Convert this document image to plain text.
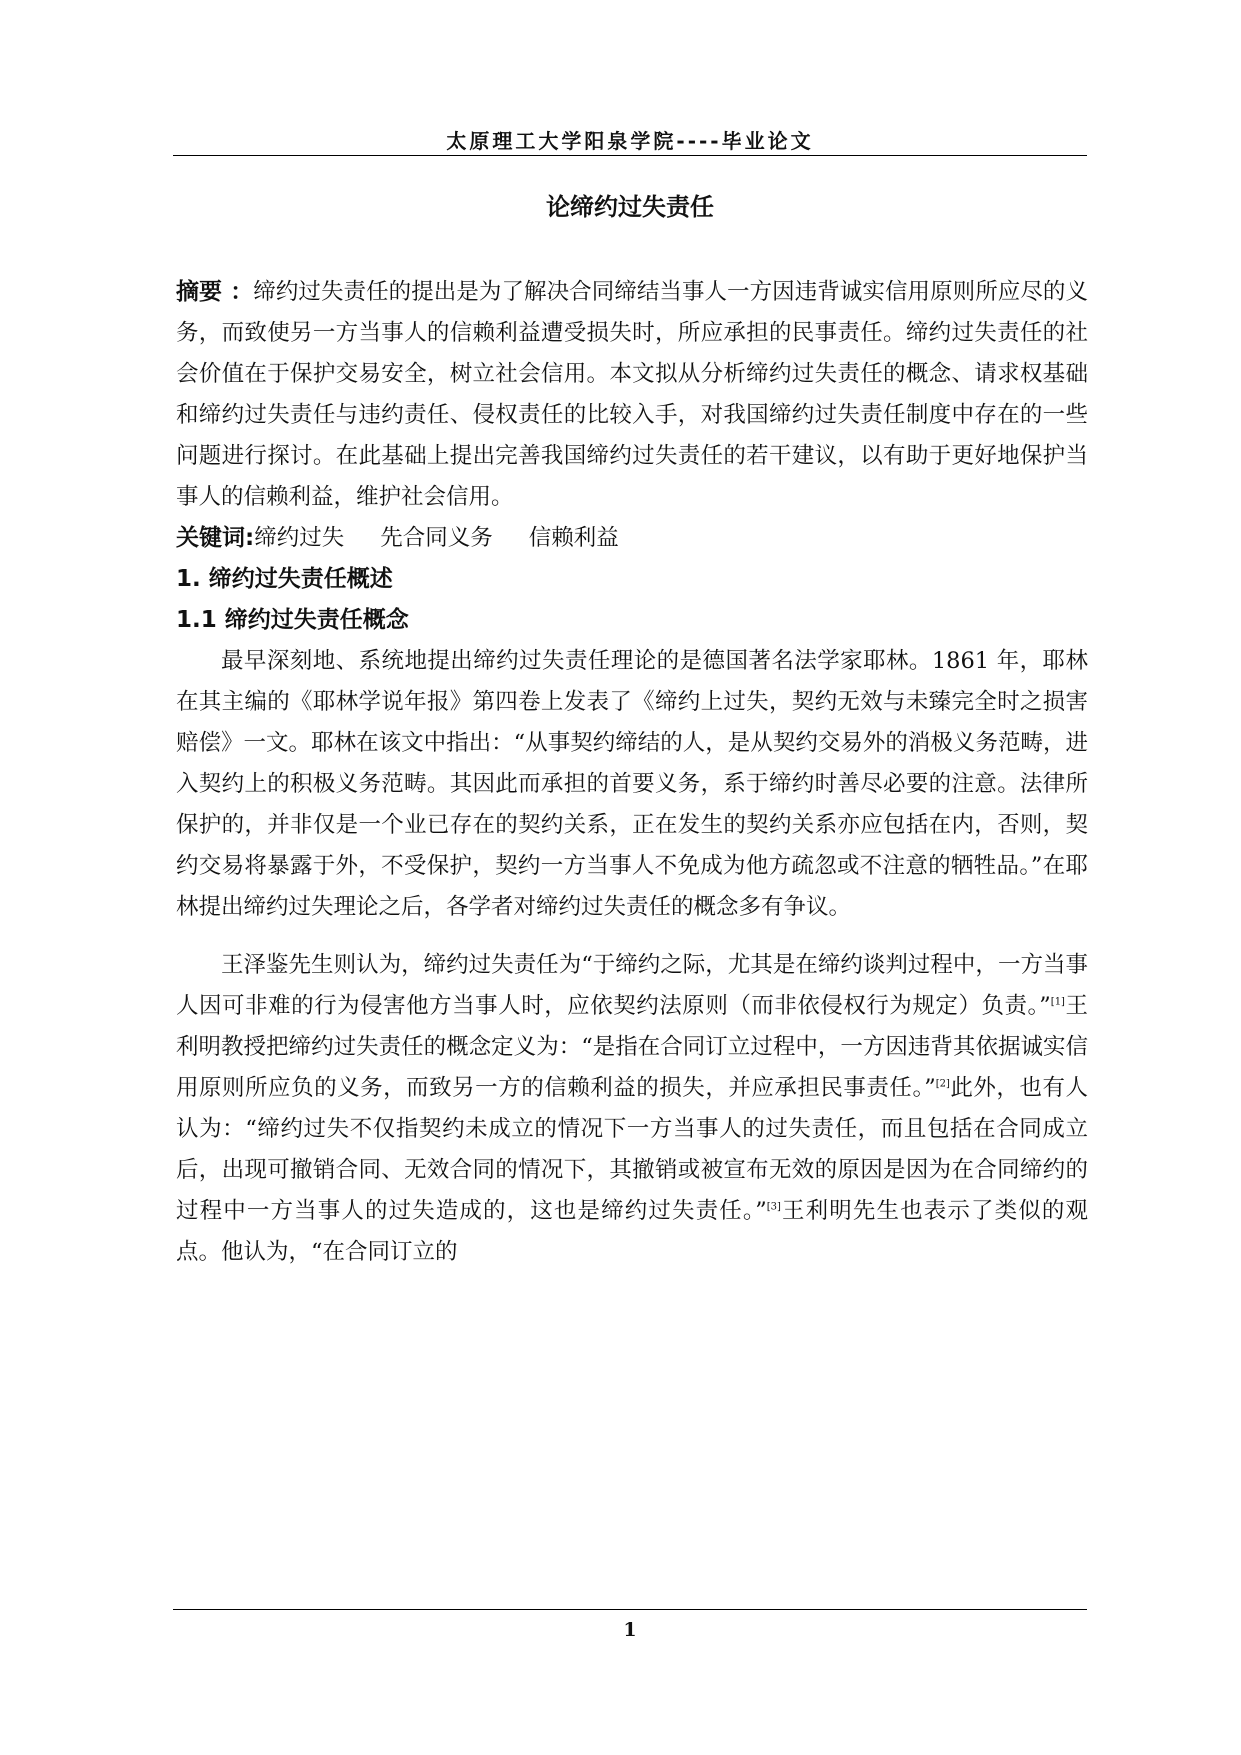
太原理工大学阳泉学院----毕业论文
论缔约过失责任

摘要 ：缔约过失责任的提出是为了解决合同缔结当事人一方因违背诚实信用原则所应尽的义务，而致使另一方当事人的信赖利益遭受损失时，所应承担的民事责任。缔约过失责任的社会价值在于保护交易安全，树立社会信用。本文拟从分析缔约过失责任的概念、请求权基础和缔约过失责任与违约责任、侵权责任的比较入手，对我国缔约过失责任制度中存在的一些问题进行探讨。在此基础上提出完善我国缔约过失责任的若干建议，以有助于更好地保护当事人的信赖利益，维护社会信用。

关键词:缔约过失 先合同义务 信赖利益

1. 缔约过失责任概述

1.1 缔约过失责任概念

最早深刻地、系统地提出缔约过失责任理论的是德国著名法学家耶林。1861 年，耶林在其主编的《耶林学说年报》第四卷上发表了《缔约上过失，契约无效与未臻完全时之损害赔偿》一文。耶林在该文中指出：“从事契约缔结的人，是从契约交易外的消极义务范畴，进入契约上的积极义务范畴。其因此而承担的首要义务，系于缔约时善尽必要的注意。法律所保护的，并非仅是一个业已存在的契约关系，正在发生的契约关系亦应包括在内，否则，契约交易将暴露于外，不受保护，契约一方当事人不免成为他方疏忽或不注意的牺牲品。”在耶林提出缔约过失理论之后，各学者对缔约过失责任的概念多有争议。

王泽鉴先生则认为，缔约过失责任为“于缔约之际，尤其是在缔约谈判过程中，一方当事人因可非难的行为侵害他方当事人时，应依契约法原则（而非依侵权行为规定）负责。”[1]王利明教授把缔约过失责任的概念定义为：“是指在合同订立过程中，一方因违背其依据诚实信用原则所应负的义务，而致另一方的信赖利益的损失，并应承担民事责任。”[2]此外，也有人认为：“缔约过失不仅指契约未成立的情况下一方当事人的过失责任，而且包括在合同成立后，出现可撤销合同、无效合同的情况下，其撤销或被宣布无效的原因是因为在合同缔约的过程中一方当事人的过失造成的，这也是缔约过失责任。”[3]王利明先生也表示了类似的观点。他认为，“在合同订立的

1
